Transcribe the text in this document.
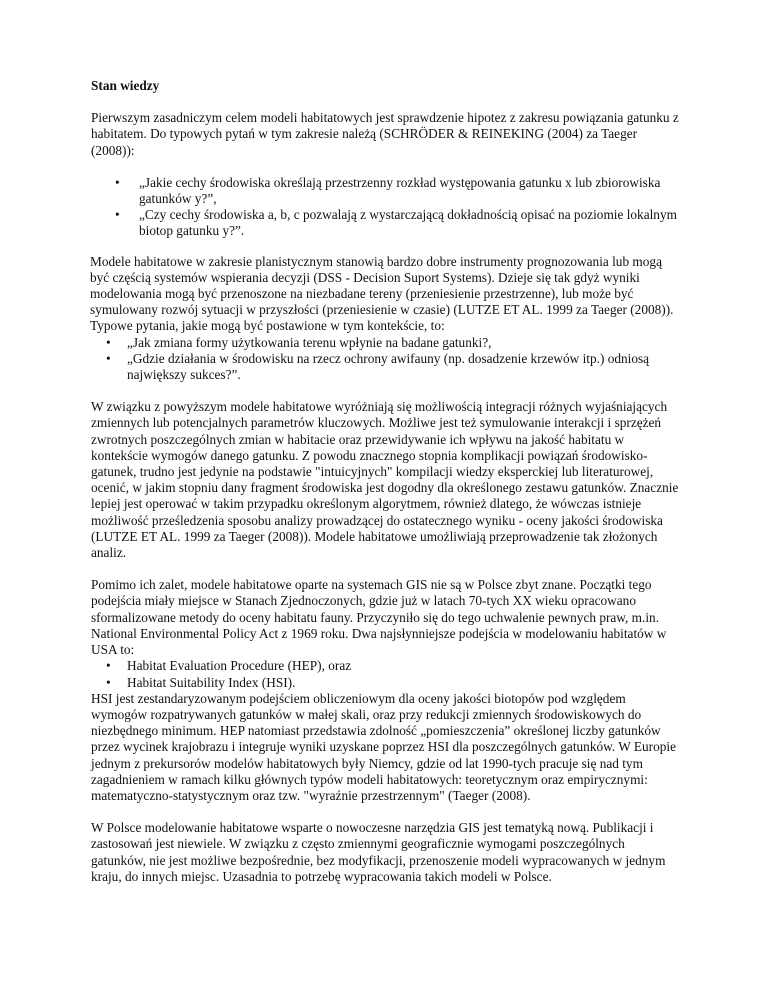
Stan wiedzy

Pierwszym zasadniczym celem modeli habitatowych jest sprawdzenie hipotez z zakresu powiązania gatunku z habitatem. Do typowych pytań w tym zakresie należą (SCHRÖDER & REINEKING (2004) za Taeger (2008)):

• „Jakie cechy środowiska określają przestrzenny rozkład występowania gatunku x lub zbiorowiska gatunków y?”,
• „Czy cechy środowiska a, b, c pozwalają z wystarczającą dokładnością opisać na poziomie lokalnym biotop gatunku y?”.

Modele habitatowe w zakresie planistycznym stanowią bardzo dobre instrumenty prognozowania lub mogą być częścią systemów wspierania decyzji (DSS - Decision Suport Systems). Dzieje się tak gdyż wyniki modelowania mogą być przenoszone na niezbadane tereny (przeniesienie przestrzenne), lub może być symulowany rozwój sytuacji w przyszłości (przeniesienie w czasie) (LUTZE ET AL. 1999 za Taeger (2008)). Typowe pytania, jakie mogą być postawione w tym kontekście, to:

• „Jak zmiana formy użytkowania terenu wpłynie na badane gatunki?,
• „Gdzie działania w środowisku na rzecz ochrony awifauny (np. dosadzenie krzewów itp.) odniosą największy sukces?”.

W związku z powyższym modele habitatowe wyróżniają się możliwością integracji różnych wyjaśniających zmiennych lub potencjalnych parametrów kluczowych. Możliwe jest też symulowanie interakcji i sprzężeń zwrotnych poszczególnych zmian w habitacie oraz przewidywanie ich wpływu na jakość habitatu w kontekście wymogów danego gatunku. Z powodu znacznego stopnia komplikacji powiązań środowisko-gatunek, trudno jest jedynie na podstawie "intuicyjnych" kompilacji wiedzy eksperckiej lub literaturowej, ocenić, w jakim stopniu dany fragment środowiska jest dogodny dla określonego zestawu gatunków. Znacznie lepiej jest operować w takim przypadku określonym algorytmem, również dlatego, że wówczas istnieje możliwość prześledzenia sposobu analizy prowadzącej do ostatecznego wyniku - oceny jakości środowiska (LUTZE ET AL. 1999 za Taeger (2008)). Modele habitatowe umożliwiają przeprowadzenie tak złożonych analiz.

Pomimo ich zalet, modele habitatowe oparte na systemach GIS nie są w Polsce zbyt znane. Początki tego podejścia miały miejsce w Stanach Zjednoczonych, gdzie już w latach 70-tych XX wieku opracowano sformalizowane metody do oceny habitatu fauny. Przyczyniło się do tego uchwalenie pewnych praw, m.in. National Environmental Policy Act z 1969 roku. Dwa najsłynniejsze podejścia w modelowaniu habitatów w USA to:

• Habitat Evaluation Procedure (HEP), oraz
• Habitat Suitability Index (HSI).

HSI jest zestandaryzowanym podejściem obliczeniowym dla oceny jakości biotopów pod względem wymogów rozpatrywanych gatunków w małej skali, oraz przy redukcji zmiennych środowiskowych do niezbędnego minimum. HEP natomiast przedstawia zdolność „pomieszczenia” określonej liczby gatunków przez wycinek krajobrazu i integruje wyniki uzyskane poprzez HSI dla poszczególnych gatunków. W Europie jednym z prekursorów modelów habitatowych były Niemcy, gdzie od lat 1990-tych pracuje się nad tym zagadnieniem w ramach kilku głównych typów modeli habitatowych: teoretycznym oraz empirycznymi: matematyczno-statystycznym oraz tzw. "wyraźnie przestrzennym" (Taeger (2008).

W Polsce modelowanie habitatowe wsparte o nowoczesne narzędzia GIS jest tematyką nową. Publikacji i zastosowań jest niewiele. W związku z często zmiennymi geograficznie wymogami poszczególnych gatunków, nie jest możliwe bezpośrednie, bez modyfikacji, przenoszenie modeli wypracowanych w jednym kraju, do innych miejsc. Uzasadnia to potrzebę wypracowania takich modeli w Polsce.
